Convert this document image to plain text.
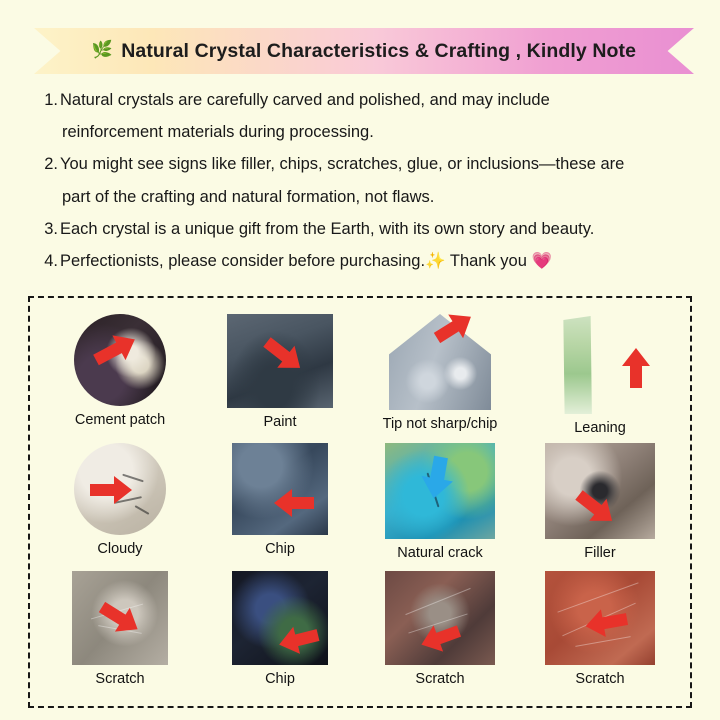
🌿 Natural Crystal Characteristics & Crafting , Kindly Note
1. Natural crystals are carefully carved and polished, and may include
reinforcement materials during processing.
2. You might see signs like filler, chips, scratches, glue, or inclusions—these are
part of the crafting and natural formation, not flaws.
3. Each crystal is a unique gift from the Earth, with its own story and beauty.
4. Perfectionists, please consider before purchasing.✨ Thank you 💗
Cement patch	Paint	Tip not sharp/chip	Leaning
Cloudy	Chip	Natural crack	Filler
Scratch	Chip	Scratch	Scratch
